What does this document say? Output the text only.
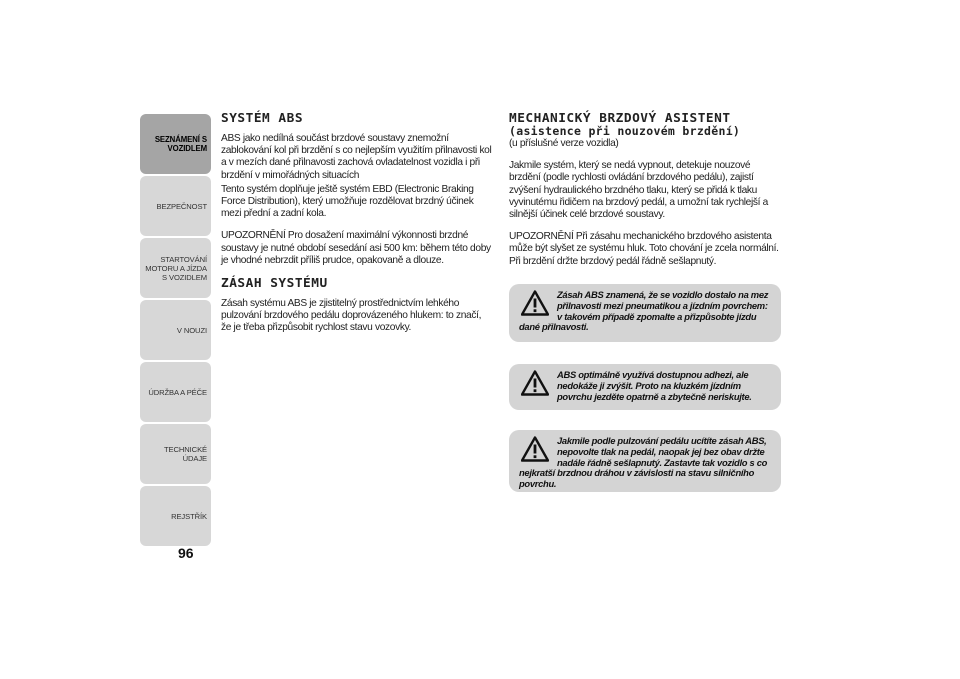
SEZNÁMENÍ S VOZIDLEM
BEZPEČNOST
STARTOVÁNÍ MOTORU A JÍZDA S VOZIDLEM
V NOUZI
ÚDRŽBA A PÉČE
TECHNICKÉ ÚDAJE
REJSTŘÍK
96
SYSTÉM ABS

ABS jako nedílná součást brzdové soustavy znemožní zablokování kol při brzdění s co nejlepším využitím přilnavosti kol a v mezích dané přilnavosti zachová ovladatelnost vozidla i při brzdění v mimořádných situacích

Tento systém doplňuje ještě systém EBD (Electronic Braking Force Distribution), který umožňuje rozdělovat brzdný účinek mezi přední a zadní kola.

UPOZORNĚNÍ Pro dosažení maximální výkonnosti brzdné soustavy je nutné období sesedání asi 500 km: během této doby je vhodné nebrzdit příliš prudce, opakovaně a dlouze.

ZÁSAH SYSTÉMU

Zásah systému ABS je zjistitelný prostřednictvím lehkého pulzování brzdového pedálu doprovázeného hlukem: to značí, že je třeba přizpůsobit rychlost stavu vozovky.

MECHANICKÝ BRZDOVÝ ASISTENT
(asistence při nouzovém brzdění)

(u příslušné verze vozidla)

Jakmile systém, který se nedá vypnout, detekuje nouzové brzdění (podle rychlosti ovládání brzdového pedálu), zajistí zvýšení hydraulického brzdného tlaku, který se přidá k tlaku vyvinutému řidičem na brzdový pedál, a umožní tak rychlejší a silnější účinek celé brzdové soustavy.

UPOZORNĚNÍ Při zásahu mechanického brzdového asistenta může být slyšet ze systému hluk. Toto chování je zcela normální. Při brzdění držte brzdový pedál řádně sešlapnutý.

Zásah ABS znamená, že se vozidlo dostalo na mez přilnavosti mezi pneumatikou a jízdním povrchem: v takovém případě zpomalte a přizpůsobte jízdu dané přilnavosti.
ABS optimálně využívá dostupnou adhezi, ale nedokáže ji zvýšit. Proto na kluzkém jízdním povrchu jezděte opatrně a zbytečně neriskujte.
Jakmile podle pulzování pedálu ucítíte zásah ABS, nepovolte tlak na pedál, naopak jej bez obav držte nadále řádně sešlapnutý. Zastavte tak vozidlo s co nejkratší brzdnou dráhou v závislosti na stavu silničního povrchu.
